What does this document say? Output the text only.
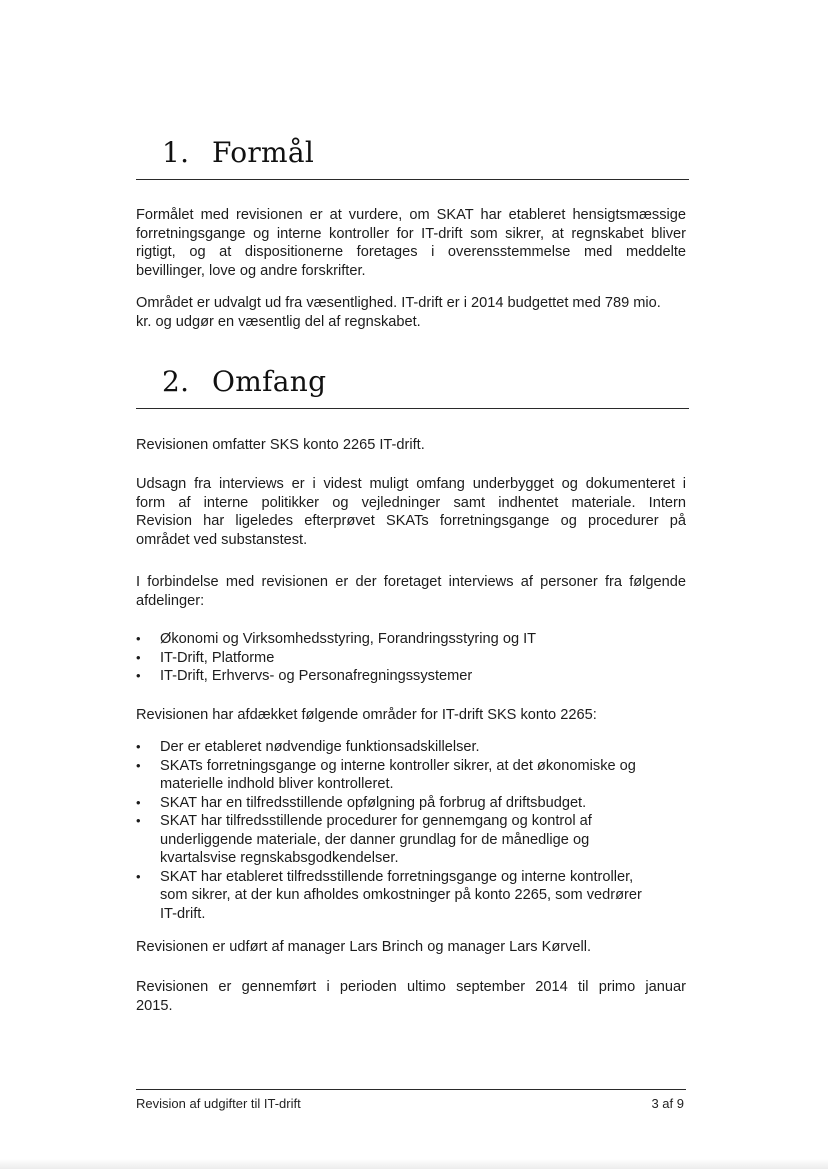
1. Formål
Formålet med revisionen er at vurdere, om SKAT har etableret hensigtsmæssige
forretningsgange og interne kontroller for IT-drift som sikrer, at regnskabet bliver
rigtigt, og at dispositionerne foretages i overensstemmelse med meddelte
bevillinger, love og andre forskrifter.
Området er udvalgt ud fra væsentlighed. IT-drift er i 2014 budgettet med 789 mio.
kr. og udgør en væsentlig del af regnskabet.
2. Omfang
Revisionen omfatter SKS konto 2265 IT-drift.
Udsagn fra interviews er i videst muligt omfang underbygget og dokumenteret i
form af interne politikker og vejledninger samt indhentet materiale. Intern
Revision har ligeledes efterprøvet SKATs forretningsgange og procedurer på
området ved substanstest.
I forbindelse med revisionen er der foretaget interviews af personer fra følgende
afdelinger:
• Økonomi og Virksomhedsstyring, Forandringsstyring og IT
• IT-Drift, Platforme
• IT-Drift, Erhvervs- og Personafregningssystemer
Revisionen har afdækket følgende områder for IT-drift SKS konto 2265:
• Der er etableret nødvendige funktionsadskillelser.
• SKATs forretningsgange og interne kontroller sikrer, at det økonomiske og
materielle indhold bliver kontrolleret.
• SKAT har en tilfredsstillende opfølgning på forbrug af driftsbudget.
• SKAT har tilfredsstillende procedurer for gennemgang og kontrol af
underliggende materiale, der danner grundlag for de månedlige og
kvartalsvise regnskabsgodkendelser.
• SKAT har etableret tilfredsstillende forretningsgange og interne kontroller,
som sikrer, at der kun afholdes omkostninger på konto 2265, som vedrører
IT-drift.
Revisionen er udført af manager Lars Brinch og manager Lars Kørvell.
Revisionen er gennemført i perioden ultimo september 2014 til primo januar
2015.
Revision af udgifter til IT-drift	3 af 9
